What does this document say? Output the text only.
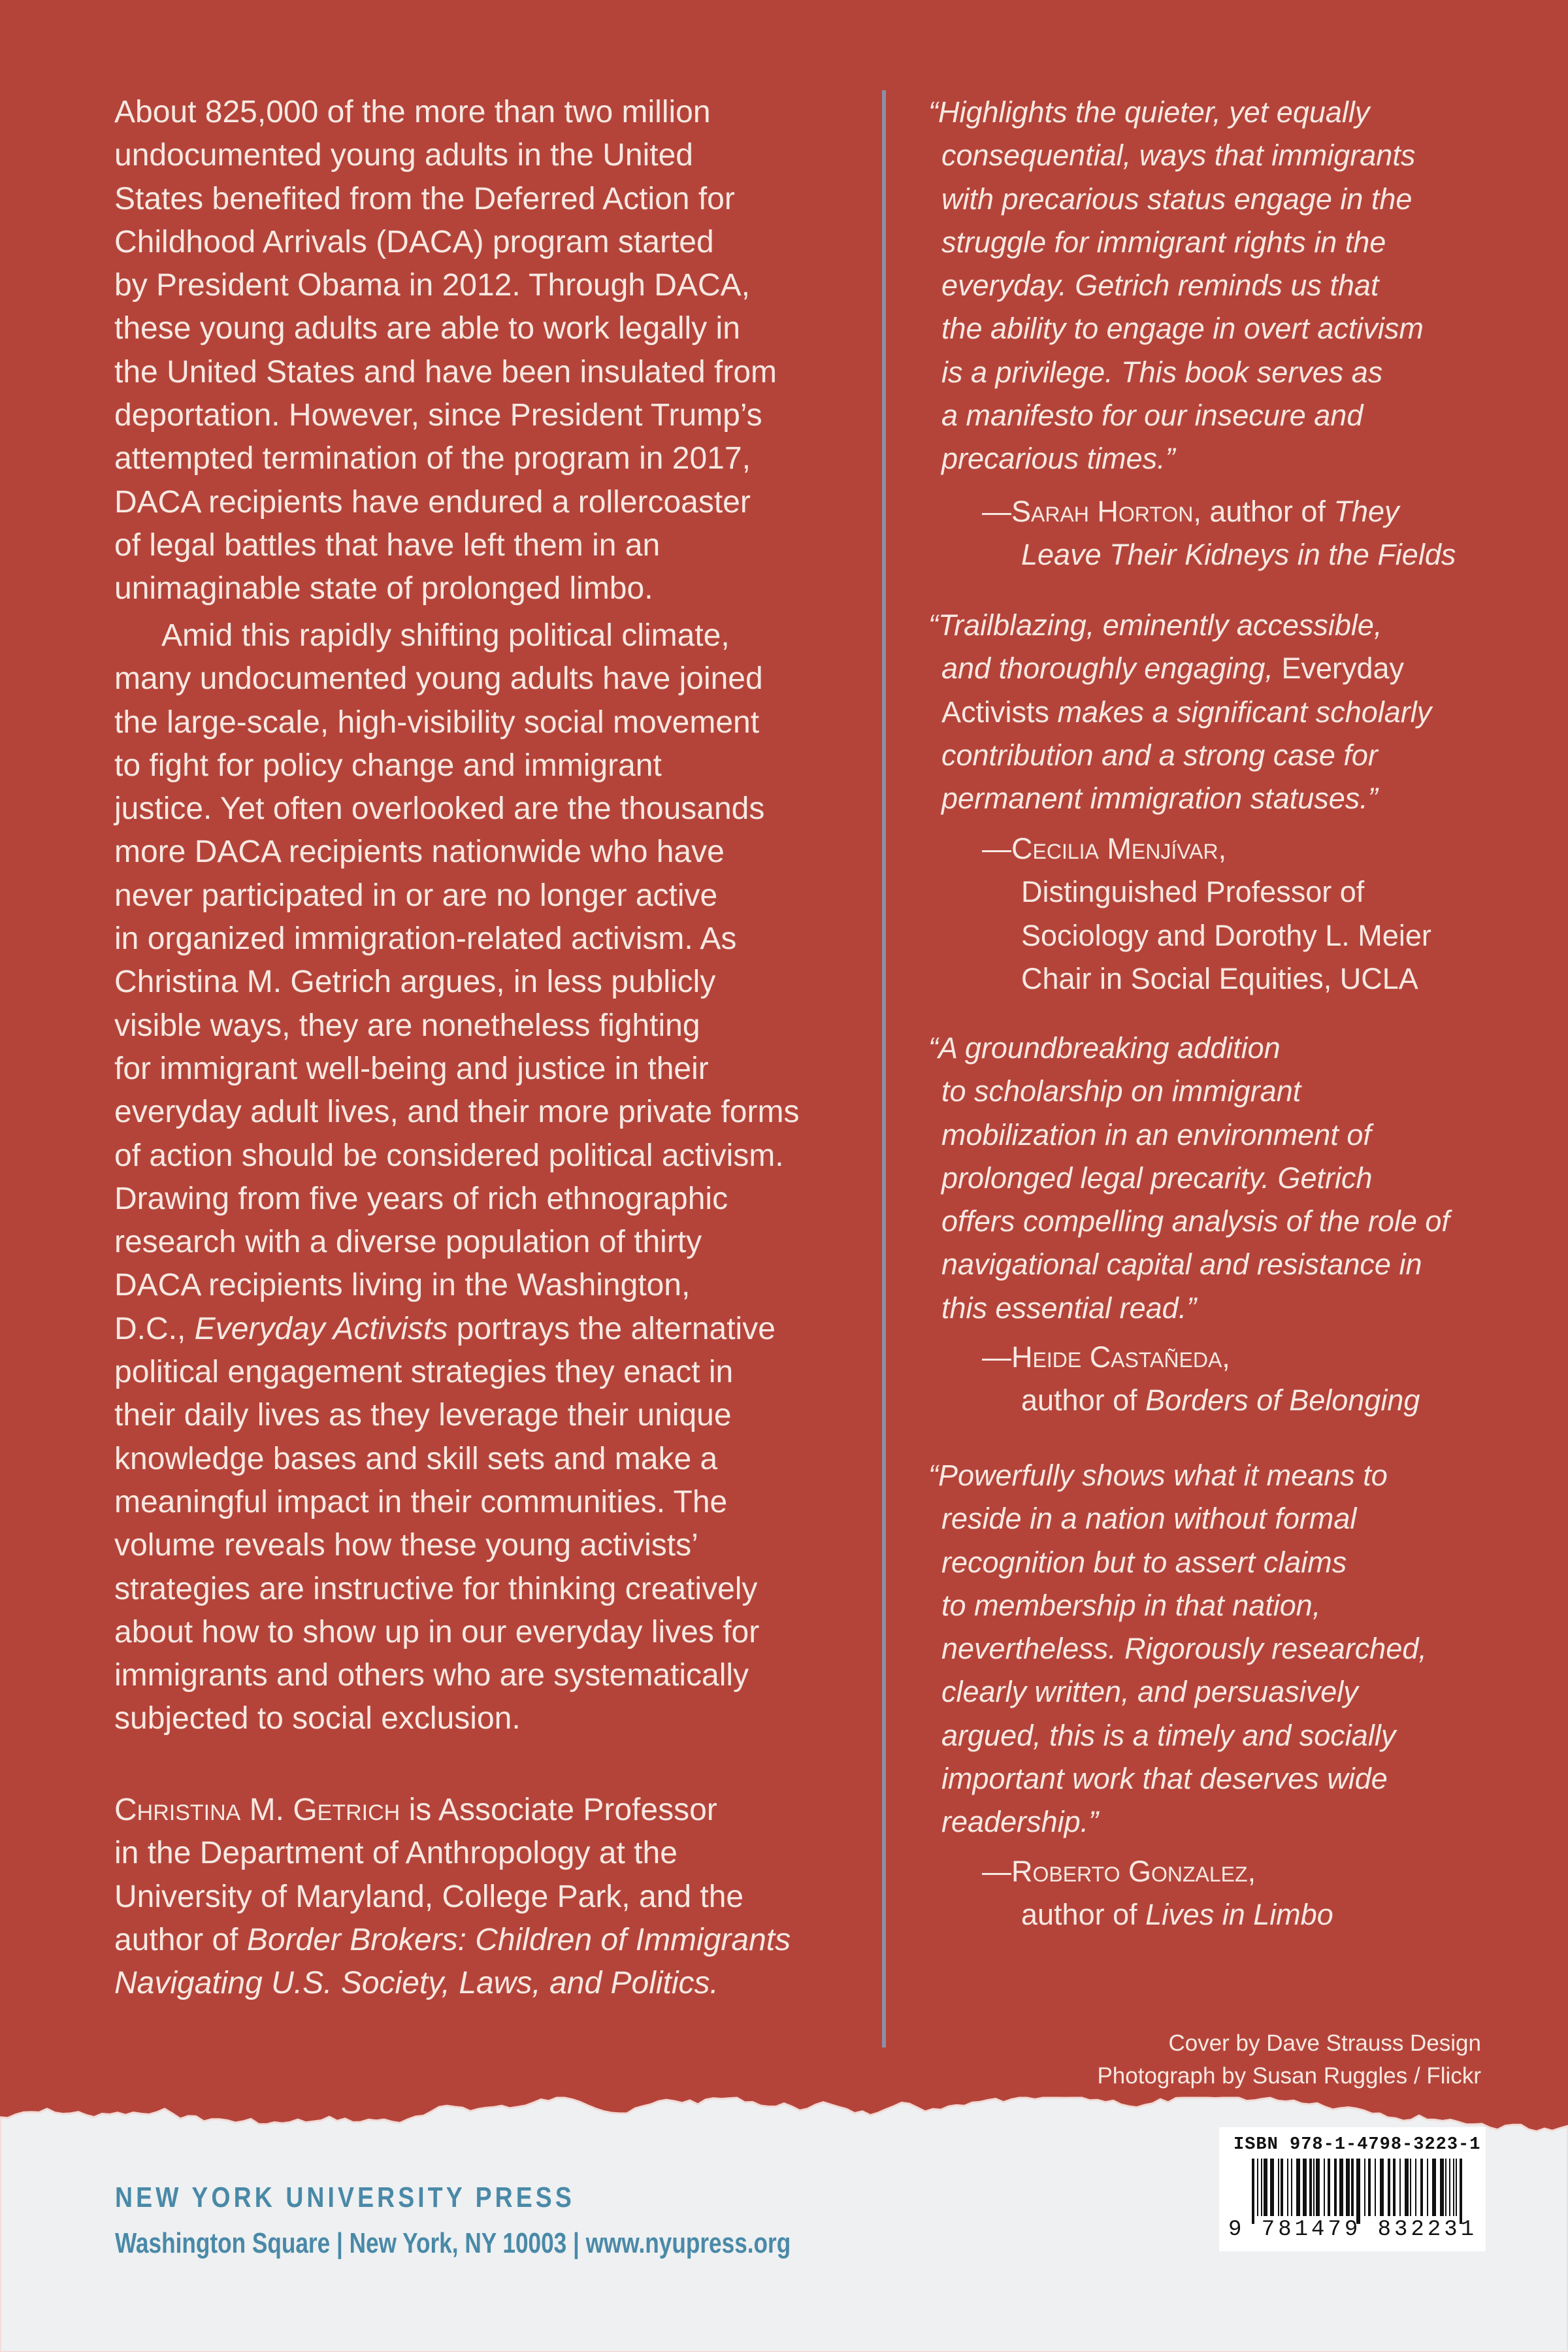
About 825,000 of the more than two million
undocumented young adults in the United
States benefited from the Deferred Action for
Childhood Arrivals (DACA) program started
by President Obama in 2012. Through DACA,
these young adults are able to work legally in
the United States and have been insulated from
deportation. However, since President Trump’s
attempted termination of the program in 2017,
DACA recipients have endured a rollercoaster
of legal battles that have left them in an
unimaginable state of prolonged limbo.
Amid this rapidly shifting political climate,
many undocumented young adults have joined
the large-scale, high-visibility social movement
to fight for policy change and immigrant
justice. Yet often overlooked are the thousands
more DACA recipients nationwide who have
never participated in or are no longer active
in organized immigration-related activism. As
Christina M. Getrich argues, in less publicly
visible ways, they are nonetheless fighting
for immigrant well-being and justice in their
everyday adult lives, and their more private forms
of action should be considered political activism.
Drawing from five years of rich ethnographic
research with a diverse population of thirty
DACA recipients living in the Washington,
D.C., Everyday Activists portrays the alternative
political engagement strategies they enact in
their daily lives as they leverage their unique
knowledge bases and skill sets and make a
meaningful impact in their communities. The
volume reveals how these young activists’
strategies are instructive for thinking creatively
about how to show up in our everyday lives for
immigrants and others who are systematically
subjected to social exclusion.
Christina M. Getrich is Associate Professor
in the Department of Anthropology at the
University of Maryland, College Park, and the
author of Border Brokers: Children of Immigrants
Navigating U.S. Society, Laws, and Politics.
“Highlights the quieter, yet equally
consequential, ways that immigrants
with precarious status engage in the
struggle for immigrant rights in the
everyday. Getrich reminds us that
the ability to engage in overt activism
is a privilege. This book serves as
a manifesto for our insecure and
precarious times.”
—Sarah Horton, author of They
Leave Their Kidneys in the Fields
“Trailblazing, eminently accessible,
and thoroughly engaging, Everyday
Activists makes a significant scholarly
contribution and a strong case for
permanent immigration statuses.”
—Cecilia Menjívar,
Distinguished Professor of
Sociology and Dorothy L. Meier
Chair in Social Equities, UCLA
“A groundbreaking addition
to scholarship on immigrant
mobilization in an environment of
prolonged legal precarity. Getrich
offers compelling analysis of the role of
navigational capital and resistance in
this essential read.”
—Heide Castañeda,
author of Borders of Belonging
“Powerfully shows what it means to
reside in a nation without formal
recognition but to assert claims
to membership in that nation,
nevertheless. Rigorously researched,
clearly written, and persuasively
argued, this is a timely and socially
important work that deserves wide
readership.”
—Roberto Gonzalez,
author of Lives in Limbo
Cover by Dave Strauss Design
Photograph by Susan Ruggles / Flickr
ISBN 978-1-4798-3223-1
9 781479 832231
NEW YORK UNIVERSITY PRESS
Washington Square | New York, NY 10003 | www.nyupress.org
